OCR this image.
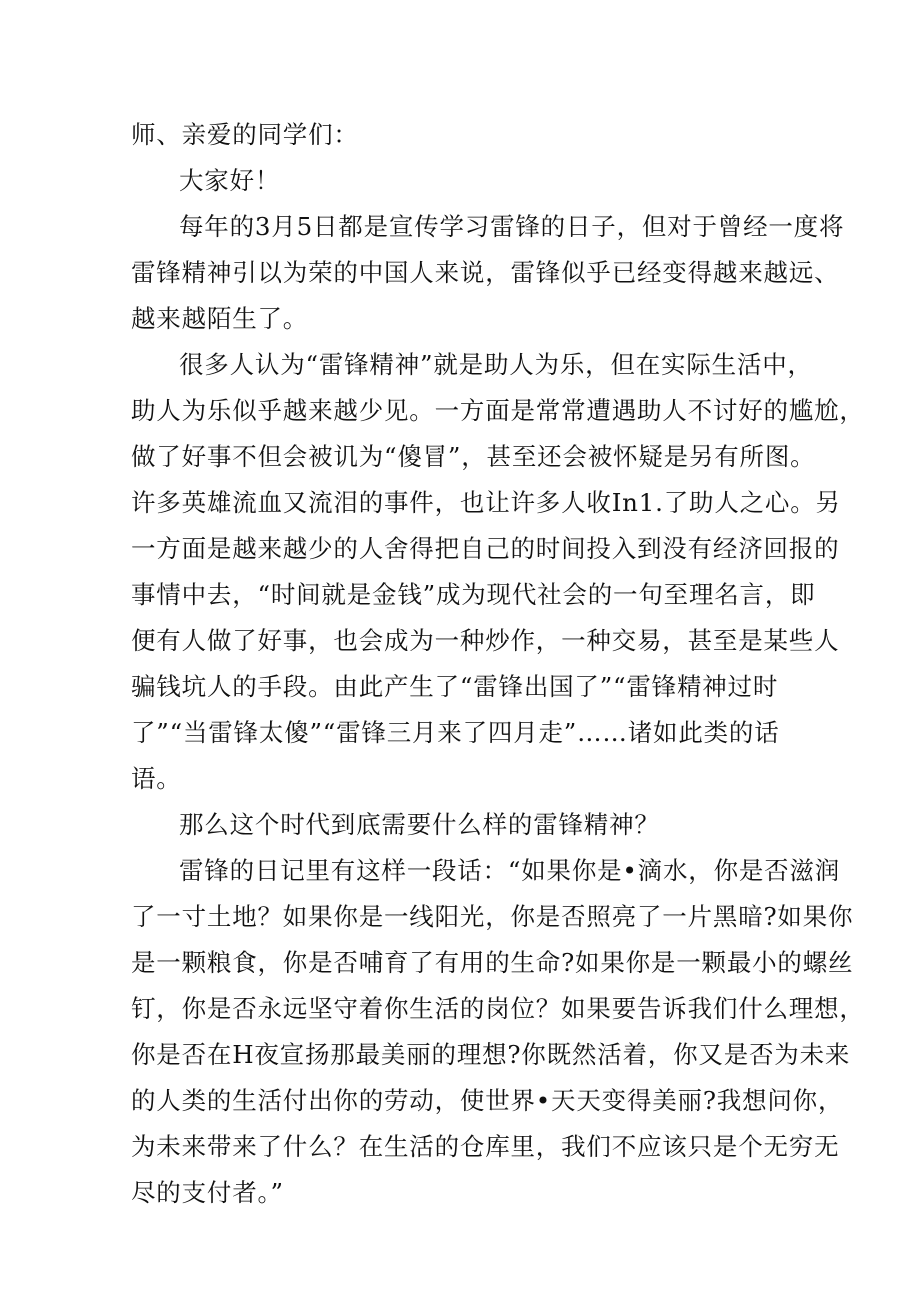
师、亲爱的同学们：

大家好！

每年的3月5日都是宣传学习雷锋的日子，但对于曾经一度将
雷锋精神引以为荣的中国人来说，雷锋似乎已经变得越来越远、
越来越陌生了。

很多人认为“雷锋精神”就是助人为乐，但在实际生活中，
助人为乐似乎越来越少见。一方面是常常遭遇助人不讨好的尴尬，
做了好事不但会被讥为“傻冒”，甚至还会被怀疑是另有所图。
许多英雄流血又流泪的事件，也让许多人收In1.了助人之心。另
一方面是越来越少的人舍得把自己的时间投入到没有经济回报的
事情中去，“时间就是金钱”成为现代社会的一句至理名言，即
便有人做了好事，也会成为一种炒作，一种交易，甚至是某些人
骗钱坑人的手段。由此产生了“雷锋出国了”“雷锋精神过时
了”“当雷锋太傻”“雷锋三月来了四月走”……诸如此类的话
语。

那么这个时代到底需要什么样的雷锋精神？

雷锋的日记里有这样一段话：“如果你是•滴水，你是否滋润
了一寸土地？如果你是一线阳光，你是否照亮了一片黑暗?如果你
是一颗粮食，你是否哺育了有用的生命?如果你是一颗最小的螺丝
钉，你是否永远坚守着你生活的岗位？如果要告诉我们什么理想，
你是否在H夜宣扬那最美丽的理想?你既然活着，你又是否为未来
的人类的生活付出你的劳动，使世界•天天变得美丽?我想问你，
为未来带来了什么？在生活的仓库里，我们不应该只是个无穷无
尽的支付者。”
